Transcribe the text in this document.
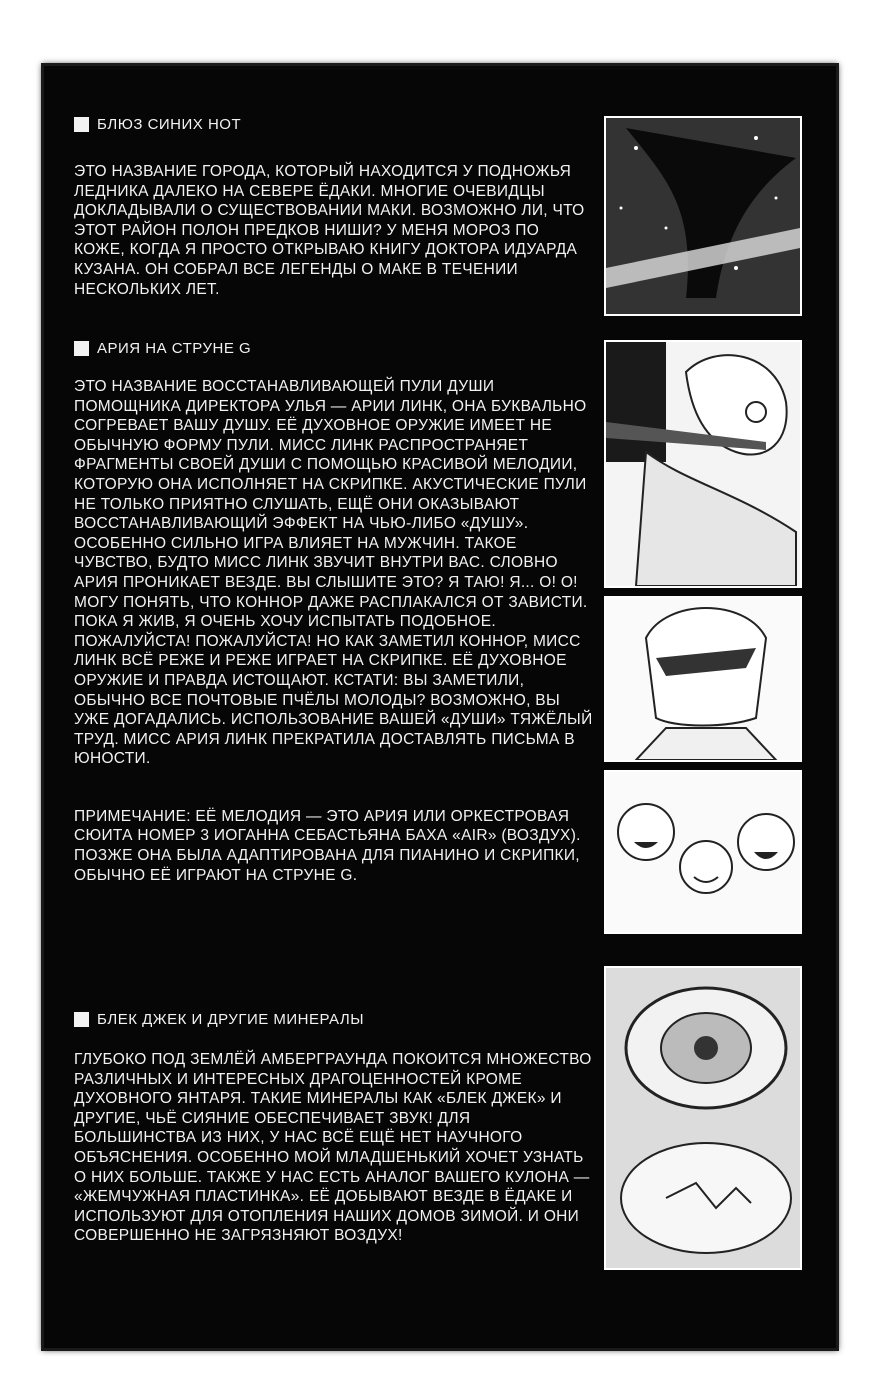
БЛЮЗ СИНИХ НОТ
ЭТО НАЗВАНИЕ ГОРОДА, КОТОРЫЙ НАХОДИТСЯ У ПОДНОЖЬЯ ЛЕДНИКА ДАЛЕКО НА СЕВЕРЕ ЁДАКИ. МНОГИЕ ОЧЕВИДЦЫ ДОКЛАДЫВАЛИ О СУЩЕСТВОВАНИИ МАКИ. ВОЗМОЖНО ЛИ, ЧТО ЭТОТ РАЙОН ПОЛОН ПРЕДКОВ НИШИ? У МЕНЯ МОРОЗ ПО КОЖЕ, КОГДА Я ПРОСТО ОТКРЫВАЮ КНИГУ ДОКТОРА ИДУАРДА КУЗАНА. ОН СОБРАЛ ВСЕ ЛЕГЕНДЫ О МАКЕ В ТЕЧЕНИИ НЕСКОЛЬКИХ ЛЕТ.
АРИЯ НА СТРУНЕ G
ЭТО НАЗВАНИЕ ВОССТАНАВЛИВАЮЩЕЙ ПУЛИ ДУШИ ПОМОЩНИКА ДИРЕКТОРА УЛЬЯ — АРИИ ЛИНК, ОНА БУКВАЛЬНО СОГРЕВАЕТ ВАШУ ДУШУ. ЕЁ ДУХОВНОЕ ОРУЖИЕ ИМЕЕТ НЕ ОБЫЧНУЮ ФОРМУ ПУЛИ. МИСС ЛИНК РАСПРОСТРАНЯЕТ ФРАГМЕНТЫ СВОЕЙ ДУШИ С ПОМОЩЬЮ КРАСИВОЙ МЕЛОДИИ, КОТОРУЮ ОНА ИСПОЛНЯЕТ НА СКРИПКЕ. АКУСТИЧЕСКИЕ ПУЛИ НЕ ТОЛЬКО ПРИЯТНО СЛУШАТЬ, ЕЩЁ ОНИ ОКАЗЫВАЮТ ВОССТАНАВЛИВАЮЩИЙ ЭФФЕКТ НА ЧЬЮ-ЛИБО «ДУШУ». ОСОБЕННО СИЛЬНО ИГРА ВЛИЯЕТ НА МУЖЧИН. ТАКОЕ ЧУВСТВО, БУДТО МИСС ЛИНК ЗВУЧИТ ВНУТРИ ВАС. СЛОВНО АРИЯ ПРОНИКАЕТ ВЕЗДЕ. ВЫ СЛЫШИТЕ ЭТО? Я ТАЮ! Я... О! О! МОГУ ПОНЯТЬ, ЧТО КОННОР ДАЖЕ РАСПЛАКАЛСЯ ОТ ЗАВИСТИ. ПОКА Я ЖИВ, Я ОЧЕНЬ ХОЧУ ИСПЫТАТЬ ПОДОБНОЕ. ПОЖАЛУЙСТА! ПОЖАЛУЙСТА! НО КАК ЗАМЕТИЛ КОННОР, МИСС ЛИНК ВСЁ РЕЖЕ И РЕЖЕ ИГРАЕТ НА СКРИПКЕ. ЕЁ ДУХОВНОЕ ОРУЖИЕ И ПРАВДА ИСТОЩАЮТ. КСТАТИ: ВЫ ЗАМЕТИЛИ, ОБЫЧНО ВСЕ ПОЧТОВЫЕ ПЧЁЛЫ МОЛОДЫ? ВОЗМОЖНО, ВЫ УЖЕ ДОГАДАЛИСЬ. ИСПОЛЬЗОВАНИЕ ВАШЕЙ «ДУШИ» ТЯЖЁЛЫЙ ТРУД. МИСС АРИЯ ЛИНК ПРЕКРАТИЛА ДОСТАВЛЯТЬ ПИСЬМА В ЮНОСТИ.
ПРИМЕЧАНИЕ: ЕЁ МЕЛОДИЯ — ЭТО АРИЯ ИЛИ ОРКЕСТРОВАЯ СЮИТА НОМЕР 3 ИОГАННА СЕБАСТЬЯНА БАХА «AIR» (ВОЗДУХ). ПОЗЖЕ ОНА БЫЛА АДАПТИРОВАНА ДЛЯ ПИАНИНО И СКРИПКИ, ОБЫЧНО ЕЁ ИГРАЮТ НА СТРУНЕ G.
БЛЕК ДЖЕК И ДРУГИЕ МИНЕРАЛЫ
ГЛУБОКО ПОД ЗЕМЛЁЙ АМБЕРГРАУНДА ПОКОИТСЯ МНОЖЕСТВО РАЗЛИЧНЫХ И ИНТЕРЕСНЫХ ДРАГОЦЕННОСТЕЙ КРОМЕ ДУХОВНОГО ЯНТАРЯ. ТАКИЕ МИНЕРАЛЫ КАК «БЛЕК ДЖЕК» И ДРУГИЕ, ЧЬЁ СИЯНИЕ ОБЕСПЕЧИВАЕТ ЗВУК! ДЛЯ БОЛЬШИНСТВА ИЗ НИХ, У НАС ВСЁ ЕЩЁ НЕТ НАУЧНОГО ОБЪЯСНЕНИЯ. ОСОБЕННО МОЙ МЛАДШЕНЬКИЙ ХОЧЕТ УЗНАТЬ О НИХ БОЛЬШЕ. ТАКЖЕ У НАС ЕСТЬ АНАЛОГ ВАШЕГО КУЛОНА — «ЖЕМЧУЖНАЯ ПЛАСТИНКА». ЕЁ ДОБЫВАЮТ ВЕЗДЕ В ЁДАКЕ И ИСПОЛЬЗУЮТ ДЛЯ ОТОПЛЕНИЯ НАШИХ ДОМОВ ЗИМОЙ. И ОНИ СОВЕРШЕННО НЕ ЗАГРЯЗНЯЮТ ВОЗДУХ!
